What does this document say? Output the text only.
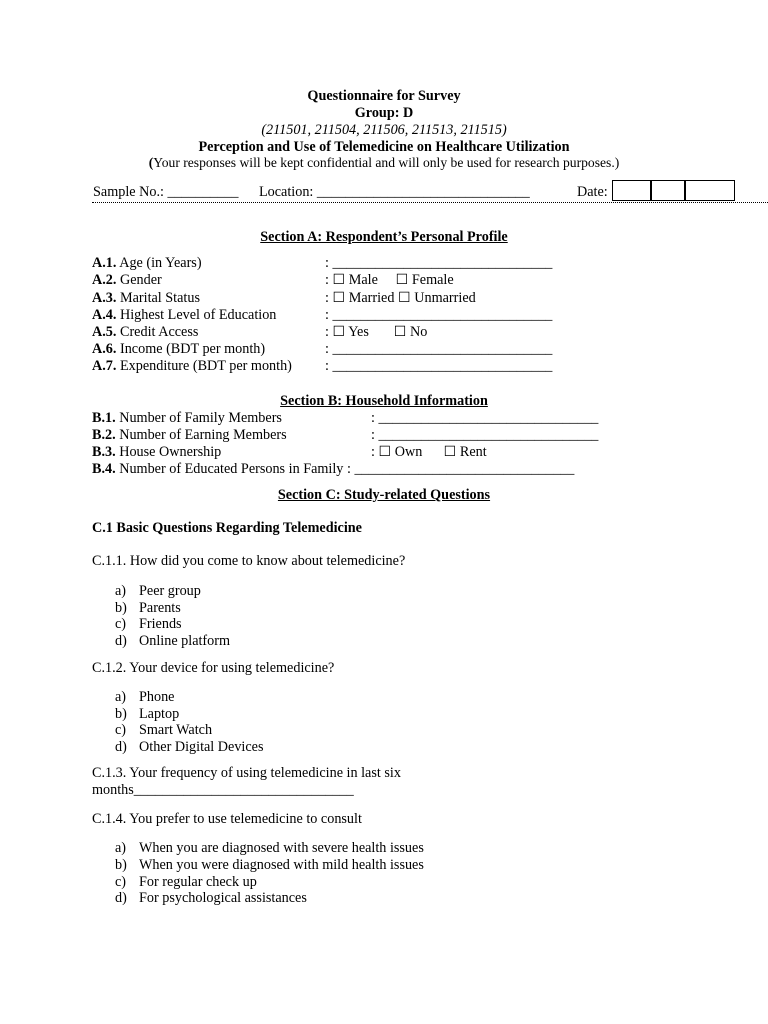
Questionnaire for Survey
Group: D
(211501, 211504, 211506, 211513, 211515)
Perception and Use of Telemedicine on Healthcare Utilization
(Your responses will be kept confidential and will only be used for research purposes.)
Sample No.: __________ Location: ______________________________	Date:
Section A: Respondent’s Personal Profile
A.1. Age (in Years)	: _______________________________
A.2. Gender	: ☐ Male     ☐ Female
A.3. Marital Status	: ☐ Married ☐ Unmarried
A.4. Highest Level of Education	: _______________________________
A.5. Credit Access	: ☐ Yes       ☐ No
A.6. Income (BDT per month)	: _______________________________
A.7. Expenditure (BDT per month) : _______________________________
Section B: Household Information
B.1. Number of Family Members	: _______________________________
B.2. Number of Earning Members	: _______________________________
B.3. House Ownership	: ☐ Own      ☐ Rent
B.4. Number of Educated Persons in Family : _______________________________
Section C: Study-related Questions
C.1 Basic Questions Regarding Telemedicine
C.1.1. How did you come to know about telemedicine?
a) Peer group
b) Parents
c) Friends
d) Online platform
C.1.2. Your device for using telemedicine?
a) Phone
b) Laptop
c) Smart Watch
d) Other Digital Devices
C.1.3. Your frequency of using telemedicine in last six
months_______________________________
C.1.4. You prefer to use telemedicine to consult
a) When you are diagnosed with severe health issues
b) When you were diagnosed with mild health issues
c) For regular check up
d) For psychological assistances
